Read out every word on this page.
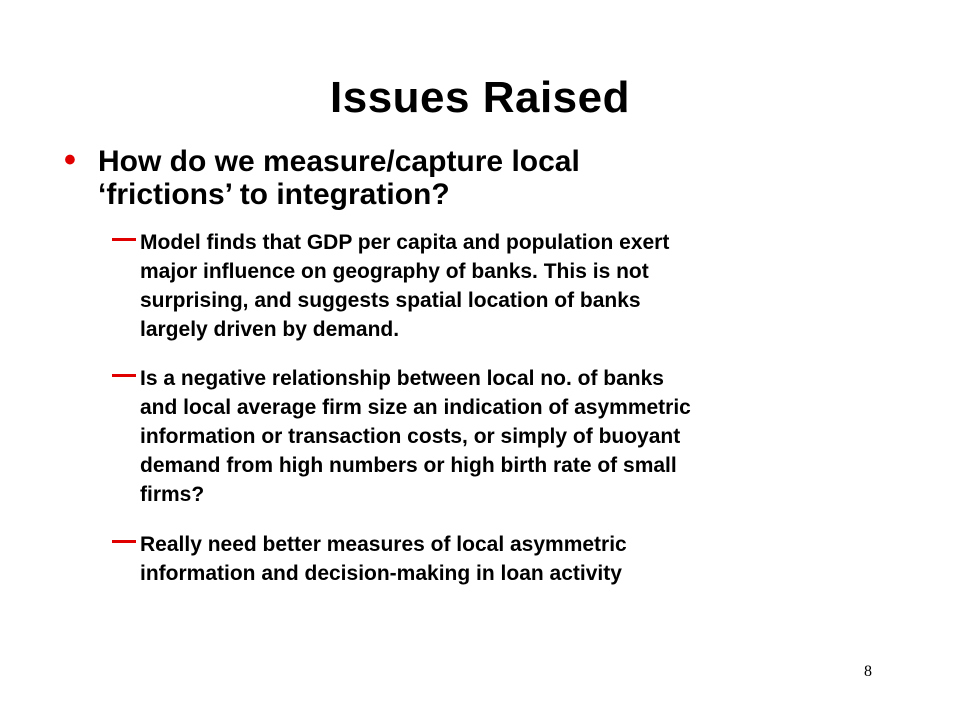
Issues Raised
• How do we measure/capture local
‘frictions’ to integration?
Model finds that GDP per capita and population exert
major influence on geography of banks. This is not
surprising, and suggests spatial location of banks
largely driven by demand.
Is a negative relationship between local no. of banks
and local average firm size an indication of asymmetric
information or transaction costs, or simply of buoyant
demand from high numbers or high birth rate of small
firms?
Really need better measures of local asymmetric
information and decision-making in loan activity
8
